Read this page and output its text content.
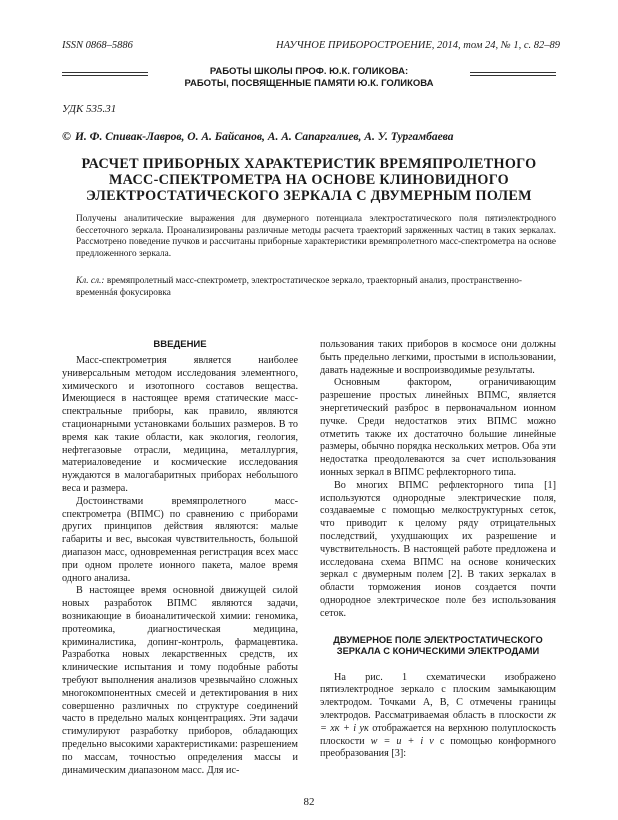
ISSN 0868–5886	НАУЧНОЕ ПРИБОРОСТРОЕНИЕ, 2014, том 24, № 1, c. 82–89
РАБОТЫ ШКОЛЫ ПРОФ. Ю.К. ГОЛИКОВА:
РАБОТЫ, ПОСВЯЩЕННЫЕ ПАМЯТИ Ю.К. ГОЛИКОВА
УДК 535.31
© И. Ф. Спивак-Лавров, О. А. Байсанов, А. А. Сапаргалиев, А. У. Тургамбаева
РАСЧЕТ ПРИБОРНЫХ ХАРАКТЕРИСТИК ВРЕМЯПРОЛЕТНОГО
МАСС-СПЕКТРОМЕТРА НА ОСНОВЕ КЛИНОВИДНОГО
ЭЛЕКТРОСТАТИЧЕСКОГО ЗЕРКАЛА С ДВУМЕРНЫМ ПОЛЕМ
Получены аналитические выражения для двумерного потенциала электростатического поля пятиэлектродного бессеточного зеркала. Проанализированы различные методы расчета траекторий заряженных частиц в таких зеркалах. Рассмотрено поведение пучков и рассчитаны приборные характеристики времяпролетного масс-спектрометра на основе предложенного зеркала.
Кл. сл.: времяпролетный масс-спектрометр, электростатическое зеркало, траекторный анализ, пространственно-временнáя фокусировка
ВВЕДЕНИЕ

Масс-спектрометрия является наиболее универсальным методом исследования элементного, химического и изотопного составов вещества. Имеющиеся в настоящее время статические масс-спектральные приборы, как правило, являются стационарными установками больших размеров. В то время как такие области, как экология, геология, нефтегазовые отрасли, медицина, металлургия, материаловедение и космические исследования нуждаются в малогабаритных приборах небольшого веса и размера.

Достоинствами времяпролетного масс-спектрометра (ВПМС) по сравнению с приборами других принципов действия являются: малые габариты и вес, высокая чувствительность, большой диапазон масс, одновременная регистрация всех масс при одном пролете ионного пакета, малое время одного анализа.

В настоящее время основной движущей силой новых разработок ВПМС являются задачи, возникающие в биоаналитической химии: геномика, протеомика, диагностическая медицина, криминалистика, допинг-контроль, фармацевтика. Разработка новых лекарственных средств, их клинические испытания и тому подобные работы требуют выполнения анализов чрезвычайно сложных многокомпонентных смесей и детектирования в них совершенно различных по структуре соединений часто в предельно малых концентрациях. Эти задачи стимулируют разработку приборов, обладающих предельно высокими характеристиками: разрешением по массам, точностью определения массы и динамическим диапазоном масс. Для ис-

пользования таких приборов в космосе они должны быть предельно легкими, простыми в использовании, давать надежные и воспроизводимые результаты.

Основным фактором, ограничивающим разрешение простых линейных ВПМС, является энергетический разброс в первоначальном ионном пучке. Среди недостатков этих ВПМС можно отметить также их достаточно большие линейные размеры, обычно порядка нескольких метров. Оба эти недостатка преодолеваются за счет использования ионных зеркал в ВПМС рефлекторного типа.

Во многих ВПМС рефлекторного типа [1] используются однородные электрические поля, создаваемые с помощью мелкоструктурных сеток, что приводит к целому ряду отрицательных последствий, ухудшающих их разрешение и чувствительность. В настоящей работе предложена и исследована схема ВПМС на основе конических зеркал с двумерным полем [2]. В таких зеркалах в области торможения ионов создается почти однородное электрическое поле без использования сеток.

ДВУМЕРНОЕ ПОЛЕ ЭЛЕКТРОСТАТИЧЕСКОГО
ЗЕРКАЛА С КОНИЧЕСКИМИ ЭЛЕКТРОДАМИ

На рис. 1 схематически изображено пятиэлектродное зеркало с плоским замыкающим электродом. Точками A, B, C отмечены границы электродов. Рассматриваемая область в плоскости zк = xк + i yк отображается на верхнюю полуплоскость плоскости w = u + i v с помощью конформного преобразования [3]:

82
